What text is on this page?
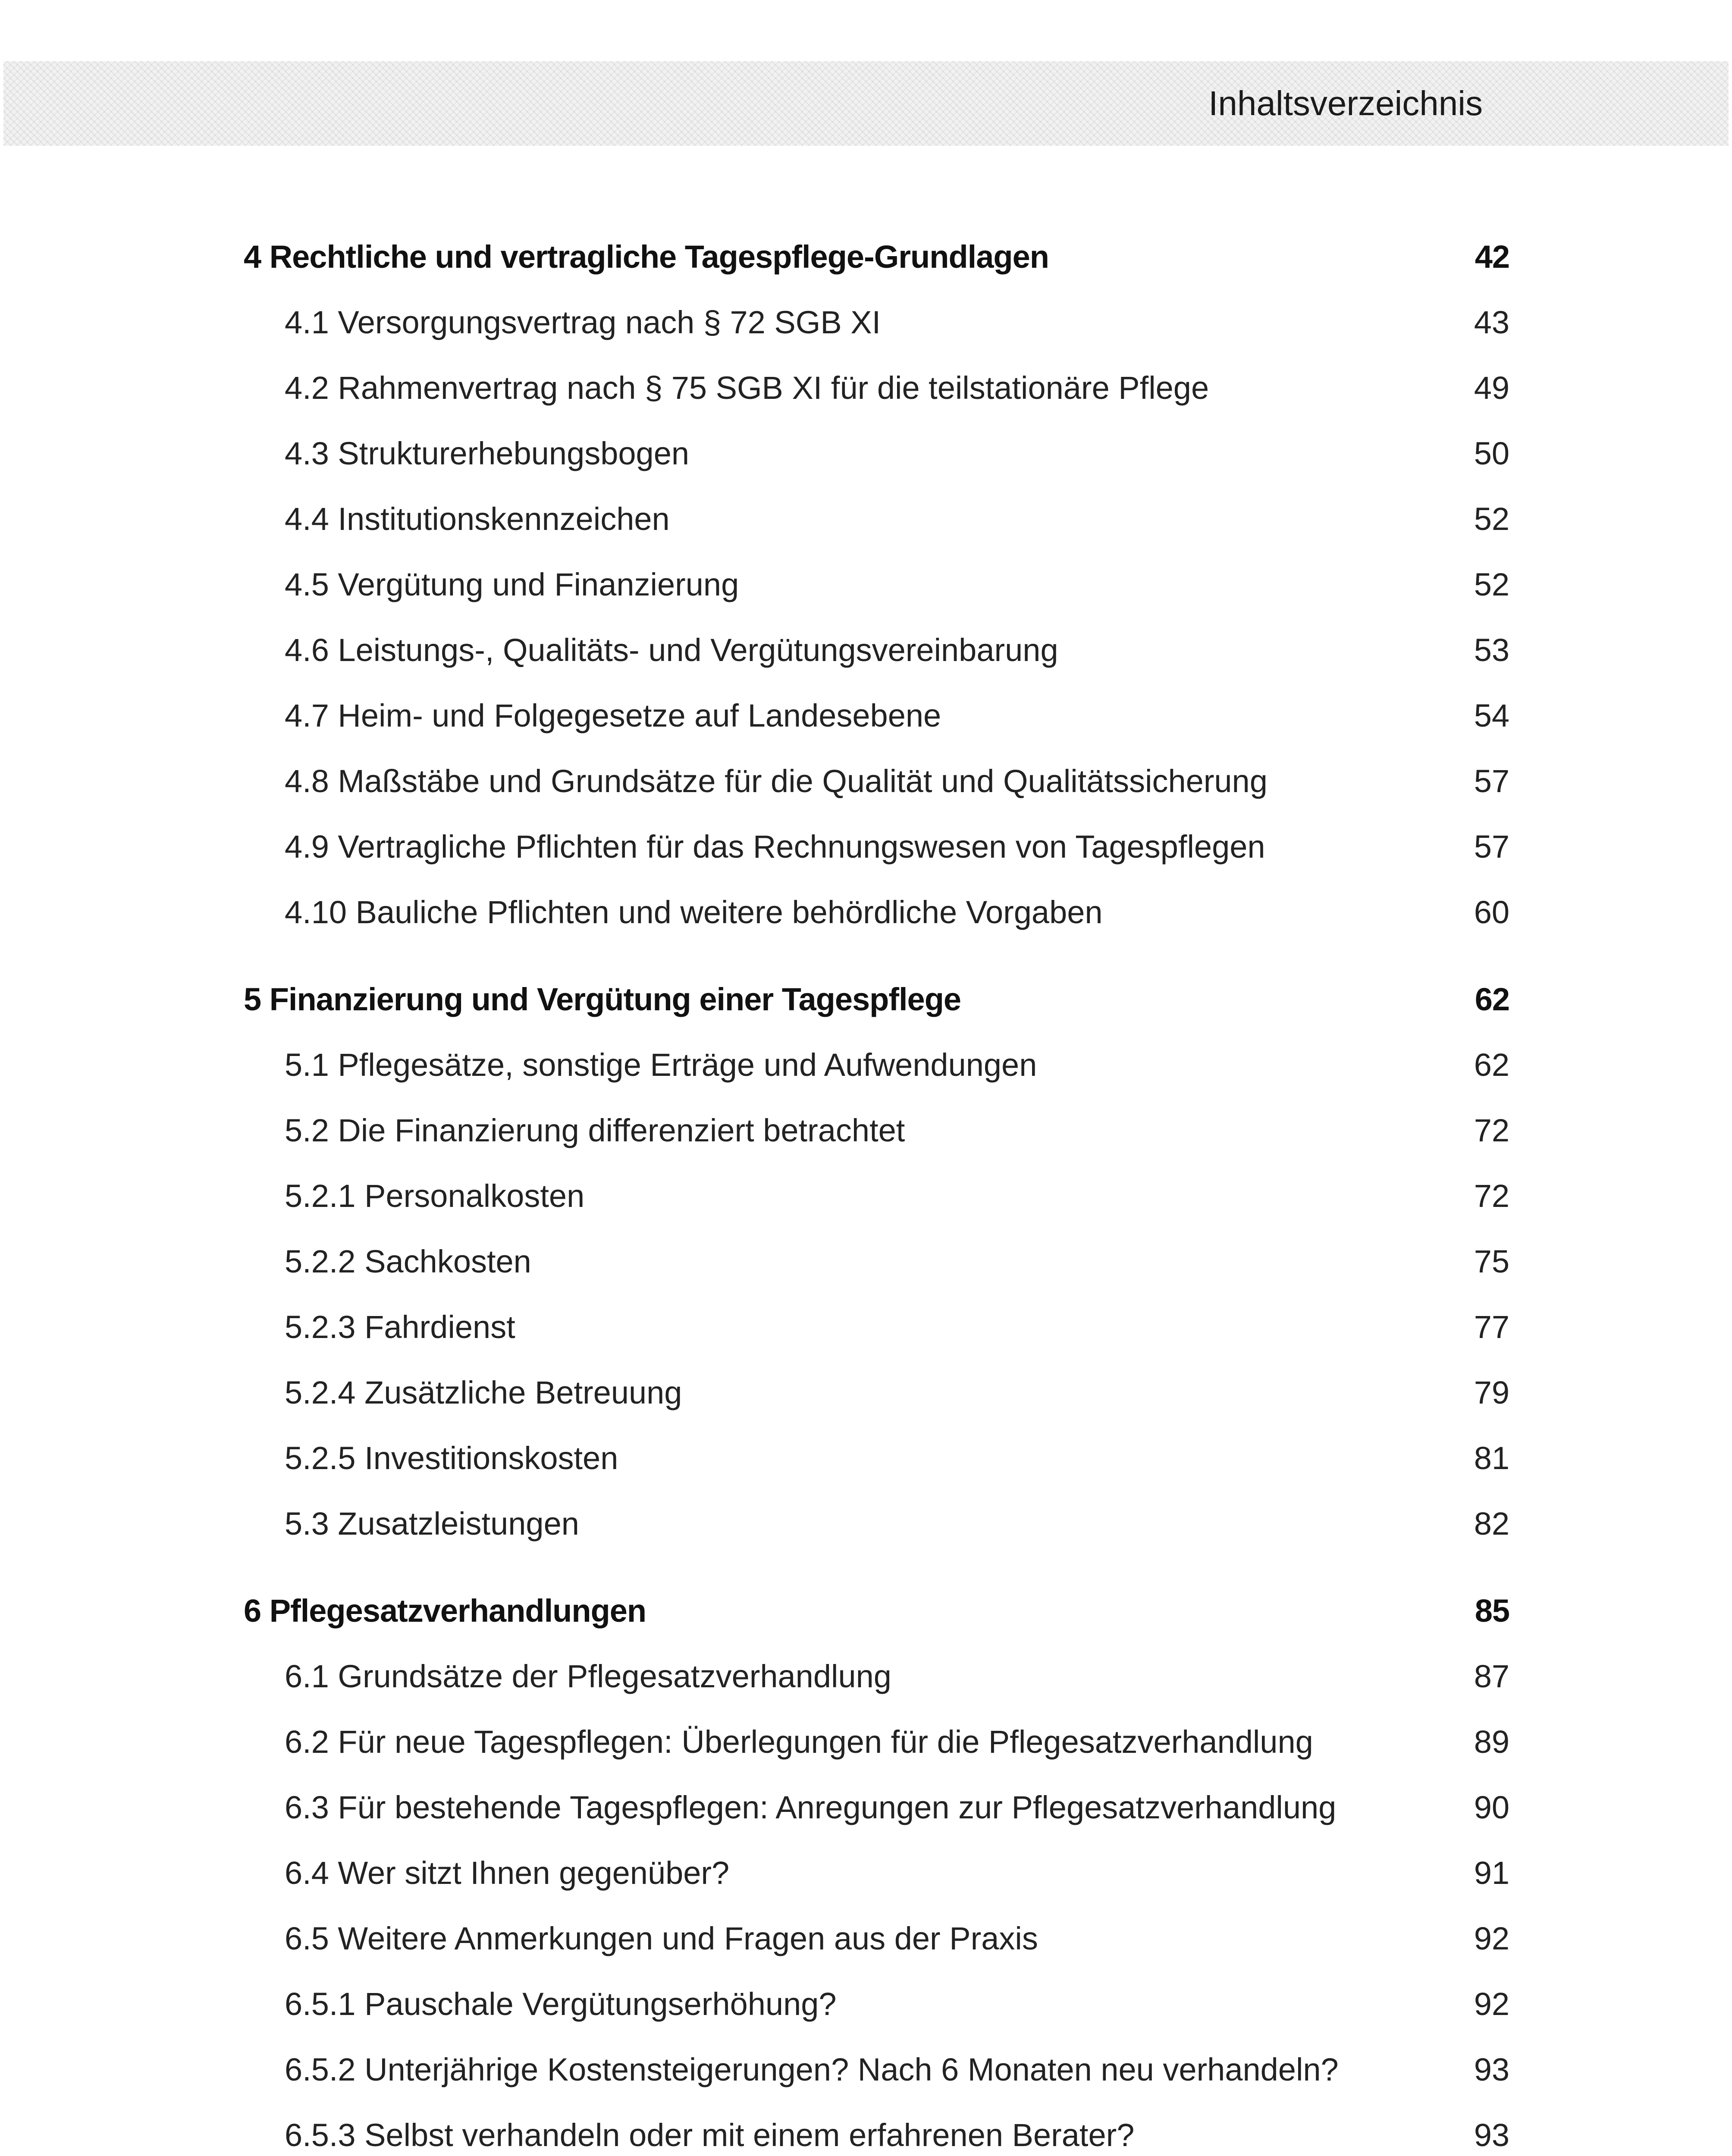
Inhaltsverzeichnis
4 Rechtliche und vertragliche Tagespflege-Grundlagen	42
4.1 Versorgungsvertrag nach § 72 SGB XI	43
4.2 Rahmenvertrag nach § 75 SGB XI für die teilstationäre Pflege	49
4.3 Strukturerhebungsbogen	50
4.4 Institutionskennzeichen	52
4.5 Vergütung und Finanzierung	52
4.6 Leistungs-, Qualitäts- und Vergütungsvereinbarung	53
4.7 Heim- und Folgegesetze auf Landesebene	54
4.8 Maßstäbe und Grundsätze für die Qualität und Qualitätssicherung	57
4.9 Vertragliche Pflichten für das Rechnungswesen von Tagespflegen	57
4.10 Bauliche Pflichten und weitere behördliche Vorgaben	60
5 Finanzierung und Vergütung einer Tagespflege	62
5.1 Pflegesätze, sonstige Erträge und Aufwendungen	62
5.2 Die Finanzierung differenziert betrachtet	72
5.2.1 Personalkosten	72
5.2.2 Sachkosten	75
5.2.3 Fahrdienst	77
5.2.4 Zusätzliche Betreuung	79
5.2.5 Investitionskosten	81
5.3 Zusatzleistungen	82
6 Pflegesatzverhandlungen	85
6.1 Grundsätze der Pflegesatzverhandlung	87
6.2 Für neue Tagespflegen: Überlegungen für die Pflegesatzverhandlung	89
6.3 Für bestehende Tagespflegen: Anregungen zur Pflegesatzverhandlung	90
6.4 Wer sitzt Ihnen gegenüber?	91
6.5 Weitere Anmerkungen und Fragen aus der Praxis	92
6.5.1 Pauschale Vergütungserhöhung?	92
6.5.2 Unterjährige Kostensteigerungen? Nach 6 Monaten neu verhandeln?	93
6.5.3 Selbst verhandeln oder mit einem erfahrenen Berater?	93
